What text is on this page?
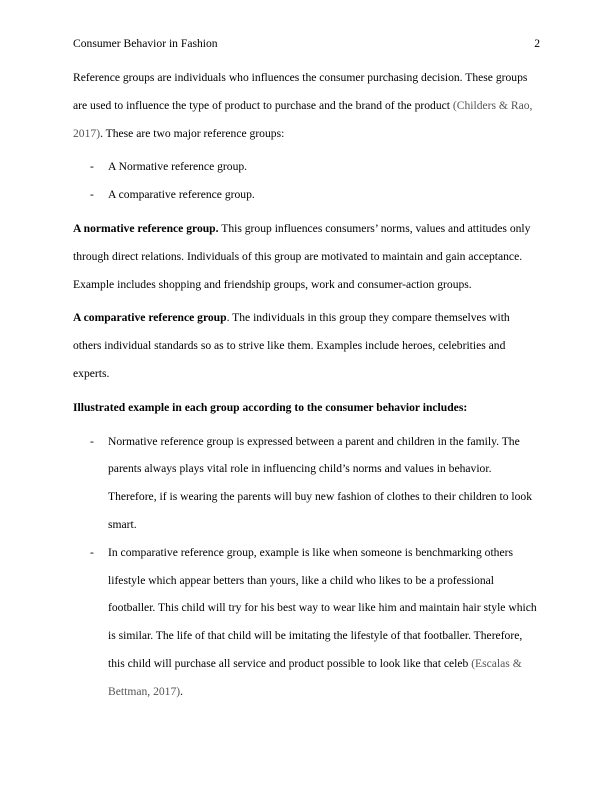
Consumer Behavior in Fashion	2

Reference groups are individuals who influences the consumer purchasing decision. These groups are used to influence the type of product to purchase and the brand of the product (Childers & Rao, 2017). These are two major reference groups:

- A Normative reference group.
- A comparative reference group.

A normative reference group. This group influences consumers’ norms, values and attitudes only through direct relations. Individuals of this group are motivated to maintain and gain acceptance. Example includes shopping and friendship groups, work and consumer-action groups.

A comparative reference group. The individuals in this group they compare themselves with others individual standards so as to strive like them. Examples include heroes, celebrities and experts.

Illustrated example in each group according to the consumer behavior includes:

- Normative reference group is expressed between a parent and children in the family. The parents always plays vital role in influencing child’s norms and values in behavior. Therefore, if is wearing the parents will buy new fashion of clothes to their children to look smart.
- In comparative reference group, example is like when someone is benchmarking others lifestyle which appear betters than yours, like a child who likes to be a professional footballer. This child will try for his best way to wear like him and maintain hair style which is similar. The life of that child will be imitating the lifestyle of that footballer. Therefore, this child will purchase all service and product possible to look like that celeb (Escalas & Bettman, 2017).
